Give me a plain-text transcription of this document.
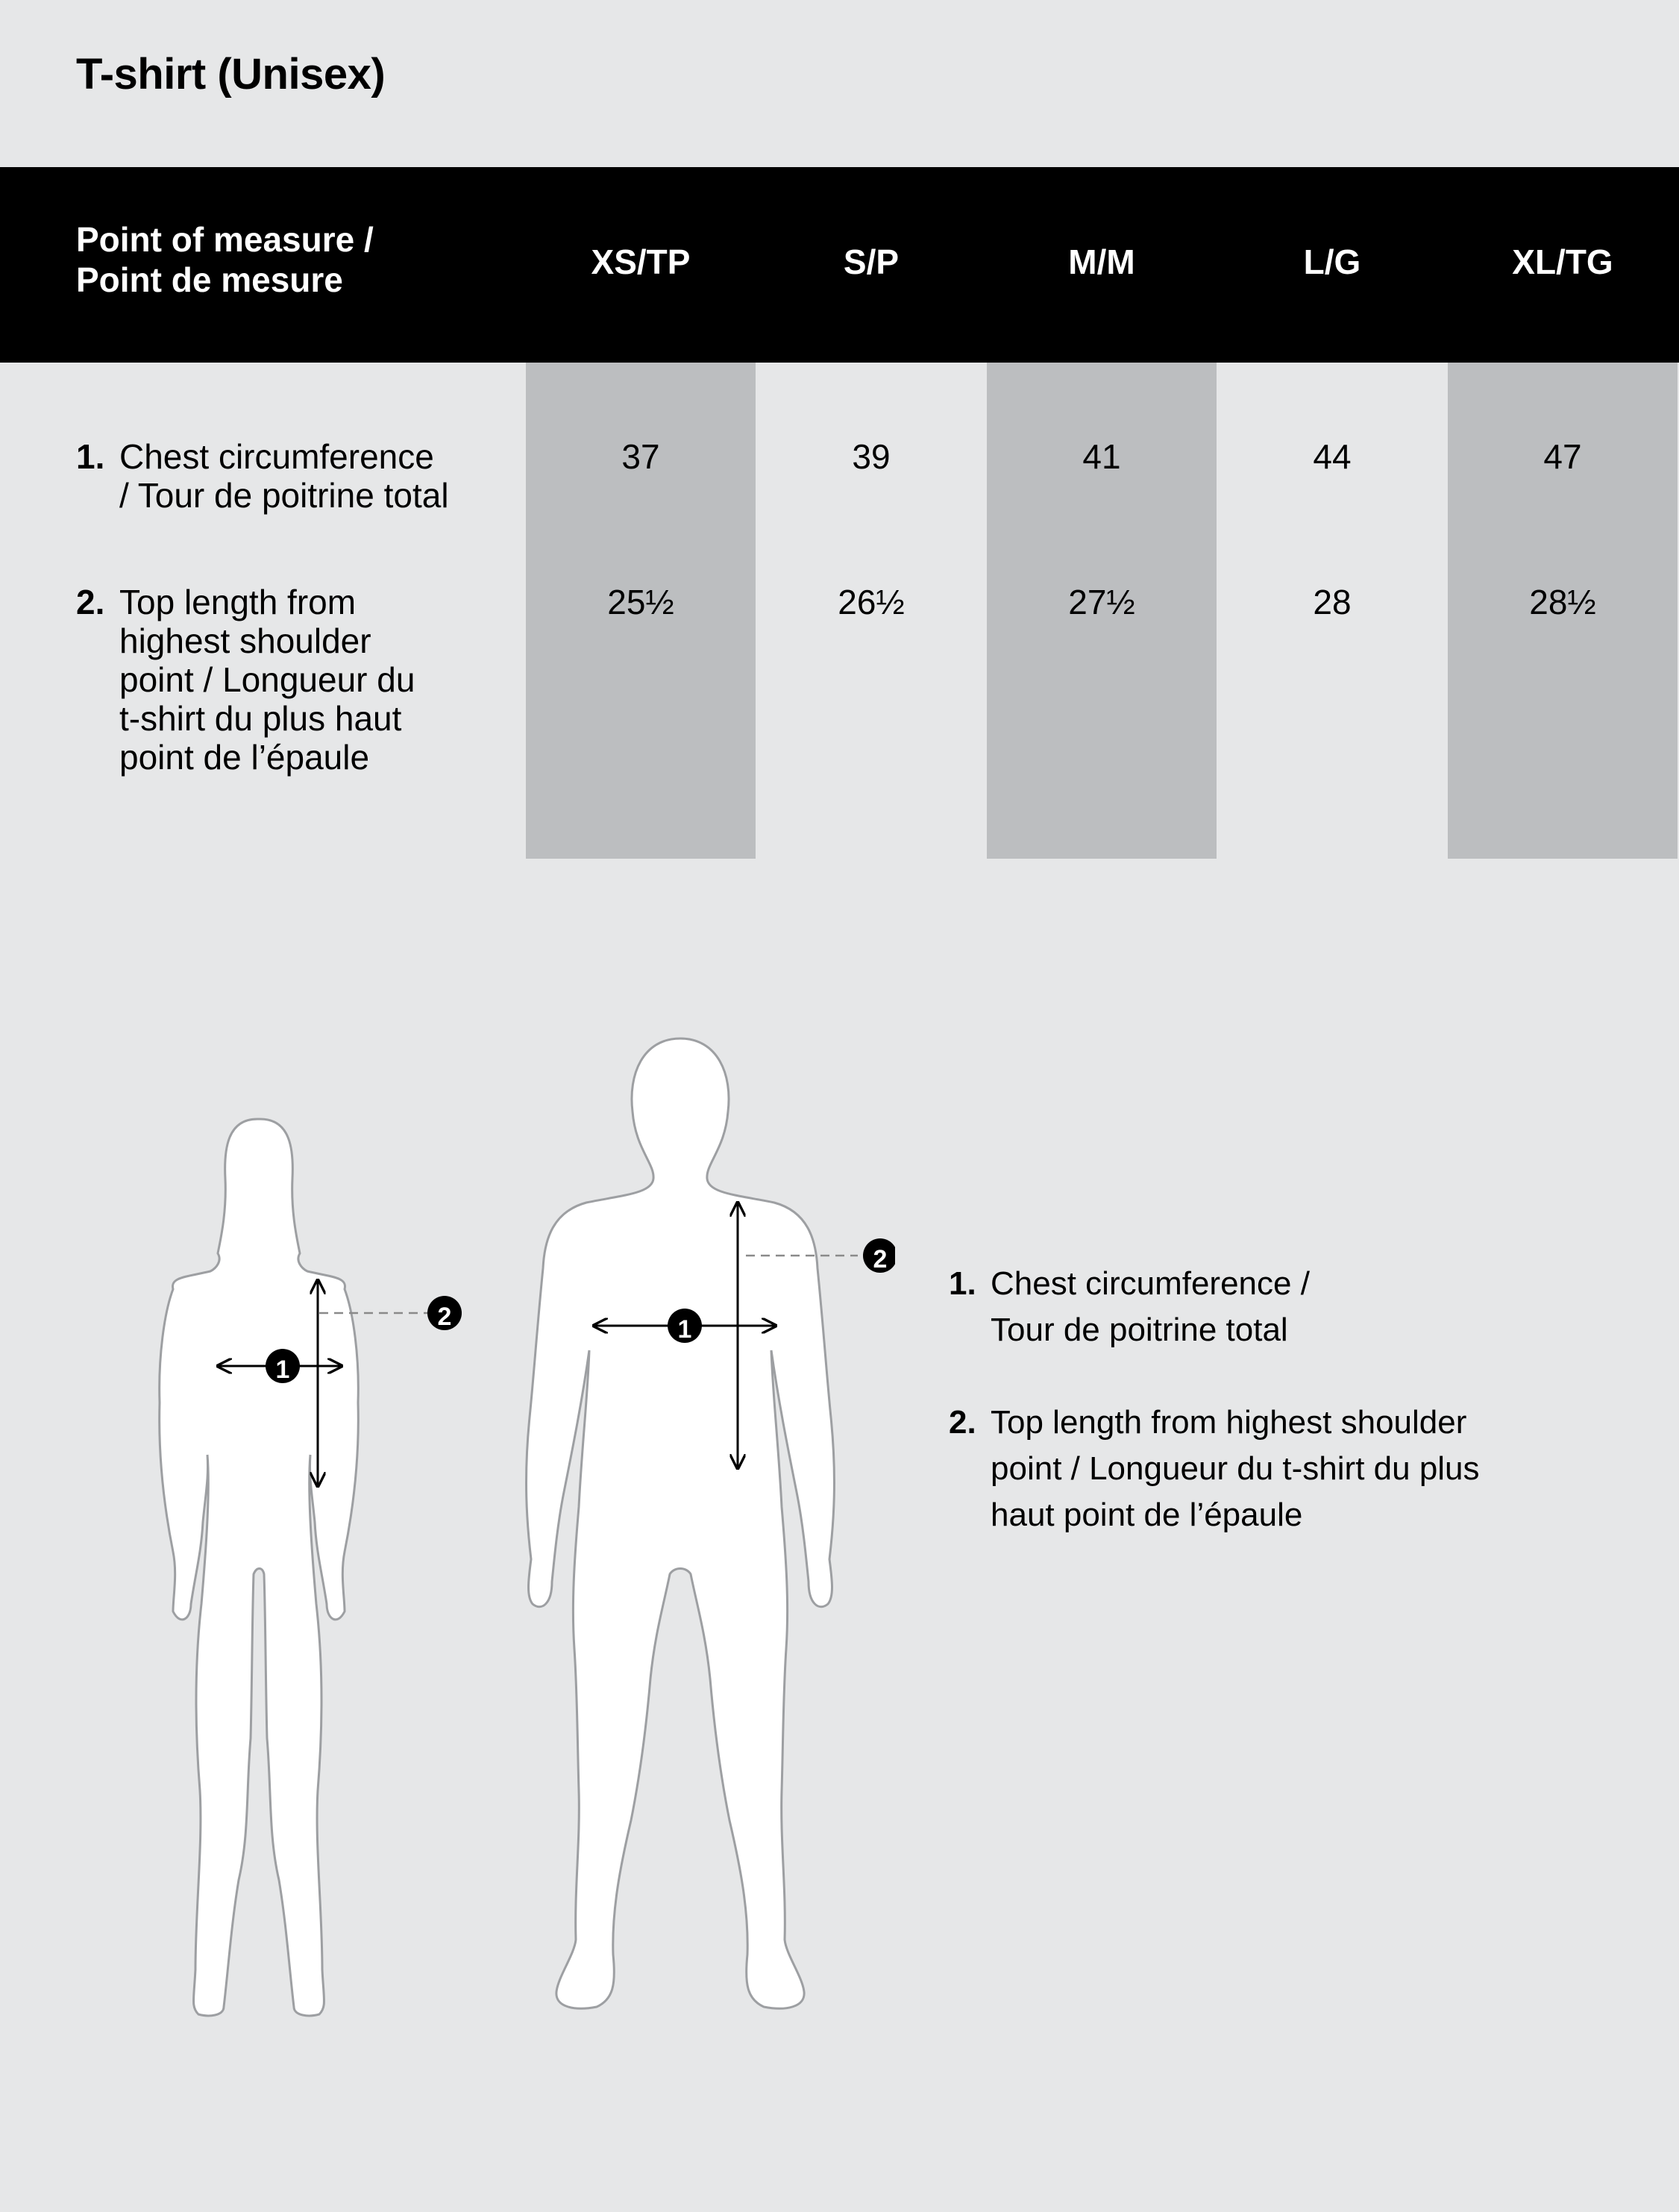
T-shirt (Unisex)
Point of measure /
Point de mesure	XS/TP	S/P	M/M	L/G	XL/TG
1. Chest circumference
/ Tour de poitrine total
37	39	41	44	47
2. Top length from
highest shoulder
point / Longueur du
t-shirt du plus haut
point de l’épaule
25½	26½	27½	28	28½
1
2	1
2
1. Chest circumference /
Tour de poitrine total
2. Top length from highest shoulder
point / Longueur du t-shirt du plus
haut point de l’épaule
